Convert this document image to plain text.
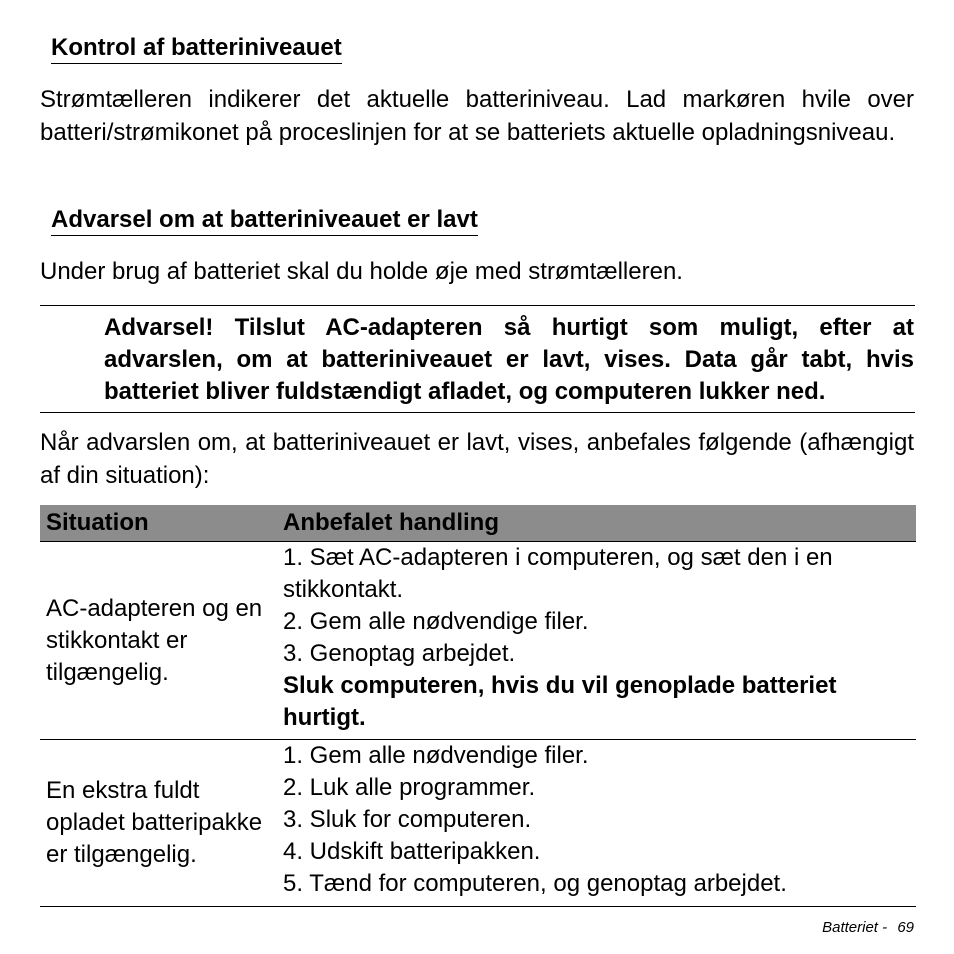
Kontrol af batteriniveauet
Strømtælleren indikerer det aktuelle batteriniveau. Lad markøren hvile over batteri/strømikonet på proceslinjen for at se batteriets aktuelle opladningsniveau.
Advarsel om at batteriniveauet er lavt
Under brug af batteriet skal du holde øje med strømtælleren.
Advarsel! Tilslut AC-adapteren så hurtigt som muligt, efter at advarslen, om at batteriniveauet er lavt, vises. Data går tabt, hvis batteriet bliver fuldstændigt afladet, og computeren lukker ned.
Når advarslen om, at batteriniveauet er lavt, vises, anbefales følgende (afhængigt af din situation):
Situation	Anbefalet handling
AC-adapteren og en stikkontakt er tilgængelig.	1. Sæt AC-adapteren i computeren, og sæt den i en stikkontakt.
2. Gem alle nødvendige filer.
3. Genoptag arbejdet.
Sluk computeren, hvis du vil genoplade batteriet hurtigt.

En ekstra fuldt opladet batteripakke er tilgængelig.	1. Gem alle nødvendige filer.
2. Luk alle programmer.
3. Sluk for computeren.
4. Udskift batteripakken.
5. Tænd for computeren, og genoptag arbejdet.
Batteriet - 69
